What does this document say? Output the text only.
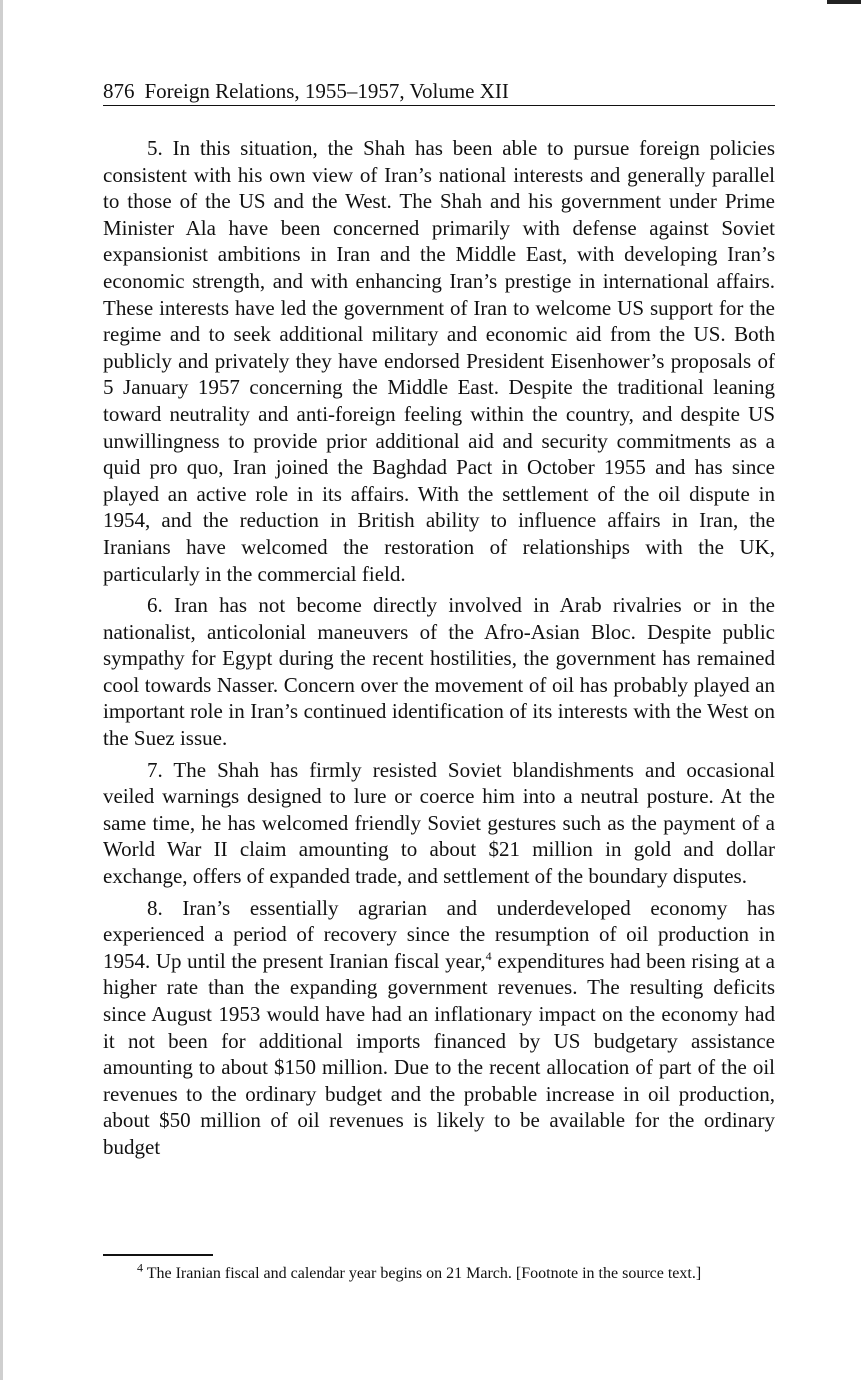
876 Foreign Relations, 1955–1957, Volume XII

5. In this situation, the Shah has been able to pursue foreign policies consistent with his own view of Iran’s national interests and generally parallel to those of the US and the West. The Shah and his government under Prime Minister Ala have been concerned primarily with defense against Soviet expansionist ambitions in Iran and the Middle East, with developing Iran’s economic strength, and with enhancing Iran’s prestige in international affairs. These interests have led the government of Iran to welcome US support for the regime and to seek additional military and economic aid from the US. Both publicly and privately they have endorsed President Eisenhower’s proposals of 5 January 1957 concerning the Middle East. Despite the traditional leaning toward neutrality and anti-foreign feeling within the country, and despite US unwillingness to provide prior additional aid and security commitments as a quid pro quo, Iran joined the Baghdad Pact in October 1955 and has since played an active role in its affairs. With the settlement of the oil dispute in 1954, and the reduction in British ability to influence affairs in Iran, the Iranians have welcomed the restoration of relationships with the UK, particularly in the commercial field.

6. Iran has not become directly involved in Arab rivalries or in the nationalist, anticolonial maneuvers of the Afro-Asian Bloc. Despite public sympathy for Egypt during the recent hostilities, the government has remained cool towards Nasser. Concern over the movement of oil has probably played an important role in Iran’s continued identification of its interests with the West on the Suez issue.

7. The Shah has firmly resisted Soviet blandishments and occasional veiled warnings designed to lure or coerce him into a neutral posture. At the same time, he has welcomed friendly Soviet gestures such as the payment of a World War II claim amounting to about $21 million in gold and dollar exchange, offers of expanded trade, and settlement of the boundary disputes.

8. Iran’s essentially agrarian and underdeveloped economy has experienced a period of recovery since the resumption of oil production in 1954. Up until the present Iranian fiscal year,$^4$ expenditures had been rising at a higher rate than the expanding government revenues. The resulting deficits since August 1953 would have had an inflationary impact on the economy had it not been for additional imports financed by US budgetary assistance amounting to about $150 million. Due to the recent allocation of part of the oil revenues to the ordinary budget and the probable increase in oil production, about $50 million of oil revenues is likely to be available for the ordinary budget

$^4$ The Iranian fiscal and calendar year begins on 21 March. [Footnote in the source text.]
